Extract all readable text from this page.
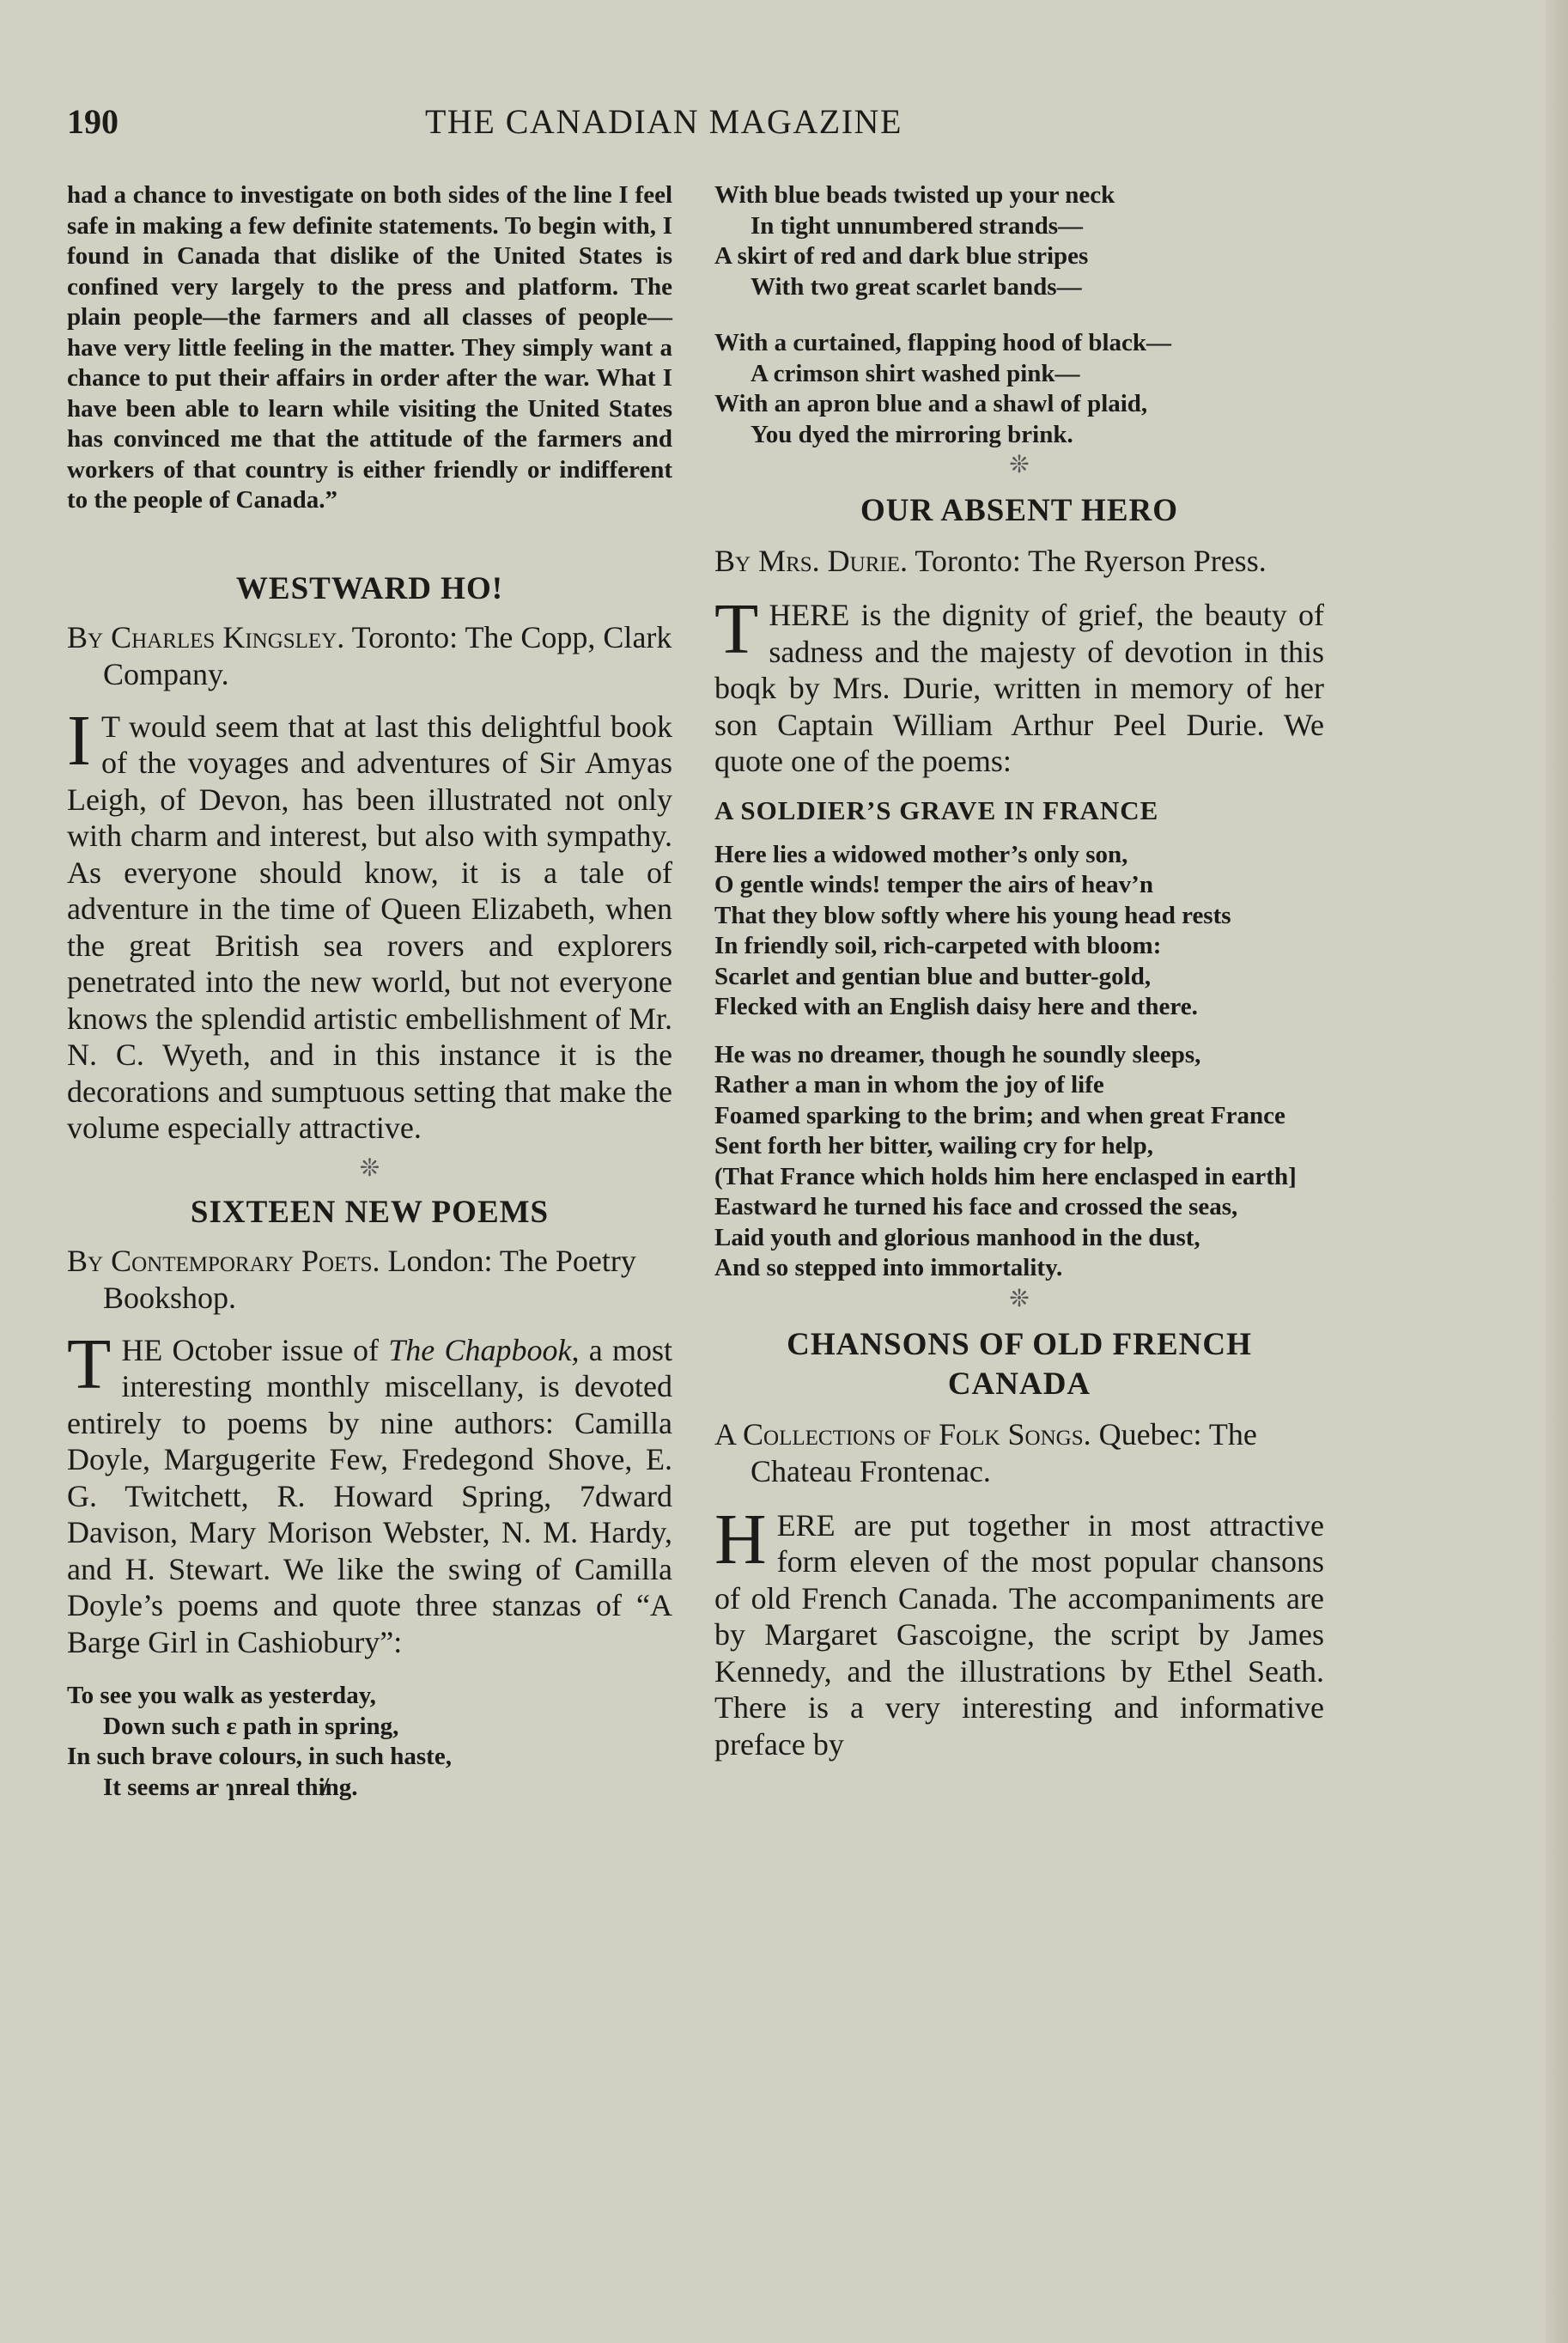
190	THE CANADIAN MAGAZINE

had a chance to investigate on both sides of the line I feel safe in making a few definite statements. To begin with, I found in Canada that dislike of the United States is confined very largely to the press and platform. The plain people—the farmers and all classes of people—have very little feeling in the matter. They simply want a chance to put their affairs in order after the war. What I have been able to learn while visiting the United States has convinced me that the attitude of the farmers and workers of that country is either friendly or indifferent to the people of Canada.”

WESTWARD HO!

By Charles Kingsley. Toronto: The Copp, Clark Company.

I T would seem that at last this delightful book of the voyages and adventures of Sir Amyas Leigh, of Devon, has been illustrated not only with charm and interest, but also with sympathy. As everyone should know, it is a tale of adventure in the time of Queen Elizabeth, when the great British sea rovers and explorers penetrated into the new world, but not everyone knows the splendid artistic embellishment of Mr. N. C. Wyeth, and in this instance it is the decorations and sumptuous setting that make the volume especially attractive.

❊

SIXTEEN NEW POEMS

By Contemporary Poets. London: The Poetry Bookshop.

THE October issue of The Chapbook, a most interesting monthly miscellany, is devoted entirely to poems by nine authors: Camilla Doyle, Margugerite Few, Fredegond Shove, E. G. Twitchett, R. Howard Spring, 7dward Davison, Mary Morison Webster, N. M. Hardy, and H. Stewart. We like the swing of Camilla Doyle’s poems and quote three stanzas of “A Barge Girl in Cashiobury”:

To see you walk as yesterday,
Down such ɛ path in spring,
In such brave colours, in such haste,
It seems ar ɿnreal thi̸ng.
With blue beads twisted up your neck
In tight unnumbered strands—
A skirt of red and dark blue stripes
With two great scarlet bands—
With a curtained, flapping hood of black—
A crimson shirt washed pink—
With an apron blue and a shawl of plaid,
You dyed the mirroring brink.

❊

OUR ABSENT HERO

By Mrs. Durie. Toronto: The Ryerson Press.

THERE is the dignity of grief, the beauty of sadness and the majesty of devotion in this boqk by Mrs. Durie, written in memory of her son Captain William Arthur Peel Durie. We quote one of the poems:

A SOLDIER’S GRAVE IN FRANCE

Here lies a widowed mother’s only son,
O gentle winds! temper the airs of heav’n
That they blow softly where his young head rests
In friendly soil, rich-carpeted with bloom:
Scarlet and gentian blue and butter-gold,
Flecked with an English daisy here and there.
He was no dreamer, though he soundly sleeps,
Rather a man in whom the joy of life
Foamed sparking to the brim; and when great France
Sent forth her bitter, wailing cry for help,
(That France which holds him here enclasped in earth]
Eastward he turned his face and crossed the seas,
Laid youth and glorious manhood in the dust,
And so stepped into immortality.

❊

CHANSONS OF OLD FRENCH CANADA

A Collections of Folk Songs. Quebec: The Chateau Frontenac.

HERE are put together in most attractive form eleven of the most popular chansons of old French Canada. The accompaniments are by Margaret Gascoigne, the script by James Kennedy, and the illustrations by Ethel Seath. There is a very interesting and informative preface by
